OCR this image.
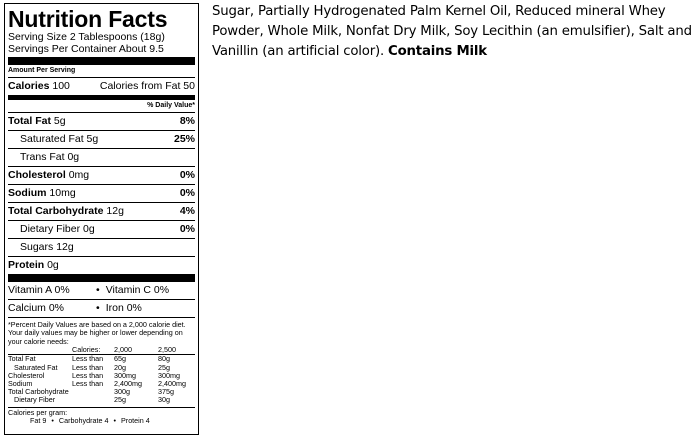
Nutrition Facts
Serving Size 2 Tablespoons (18g)
Servings Per Container About 9.5
Amount Per Serving
Calories 100	Calories from Fat 50
% Daily Value*
Total Fat 5g	8%
Saturated Fat 5g	25%
Trans Fat 0g
Cholesterol 0mg	0%
Sodium 10mg	0%
Total Carbohydrate 12g	4%
Dietary Fiber 0g	0%
Sugars 12g
Protein 0g
Vitamin A 0%	• Vitamin C 0%
Calcium 0%	• Iron 0%
*Percent Daily Values are based on a 2,000 calorie diet. Your daily values may be higher or lower depending on your calorie needs:
	Calories:	2,000	2,500
Total Fat	Less than	65g	80g
Saturated Fat	Less than	20g	25g
Cholesterol	Less than	300mg	300mg
Sodium	Less than	2,400mg	2,400mg
Total Carbohydrate		300g	375g
Dietary Fiber		25g	30g
Calories per gram:
Fat 9 • Carbohydrate 4 • Protein 4
Sugar, Partially Hydrogenated Palm Kernel Oil, Reduced mineral Whey Powder, Whole Milk, Nonfat Dry Milk, Soy Lecithin (an emulsifier), Salt and Vanillin (an artificial color). Contains Milk
